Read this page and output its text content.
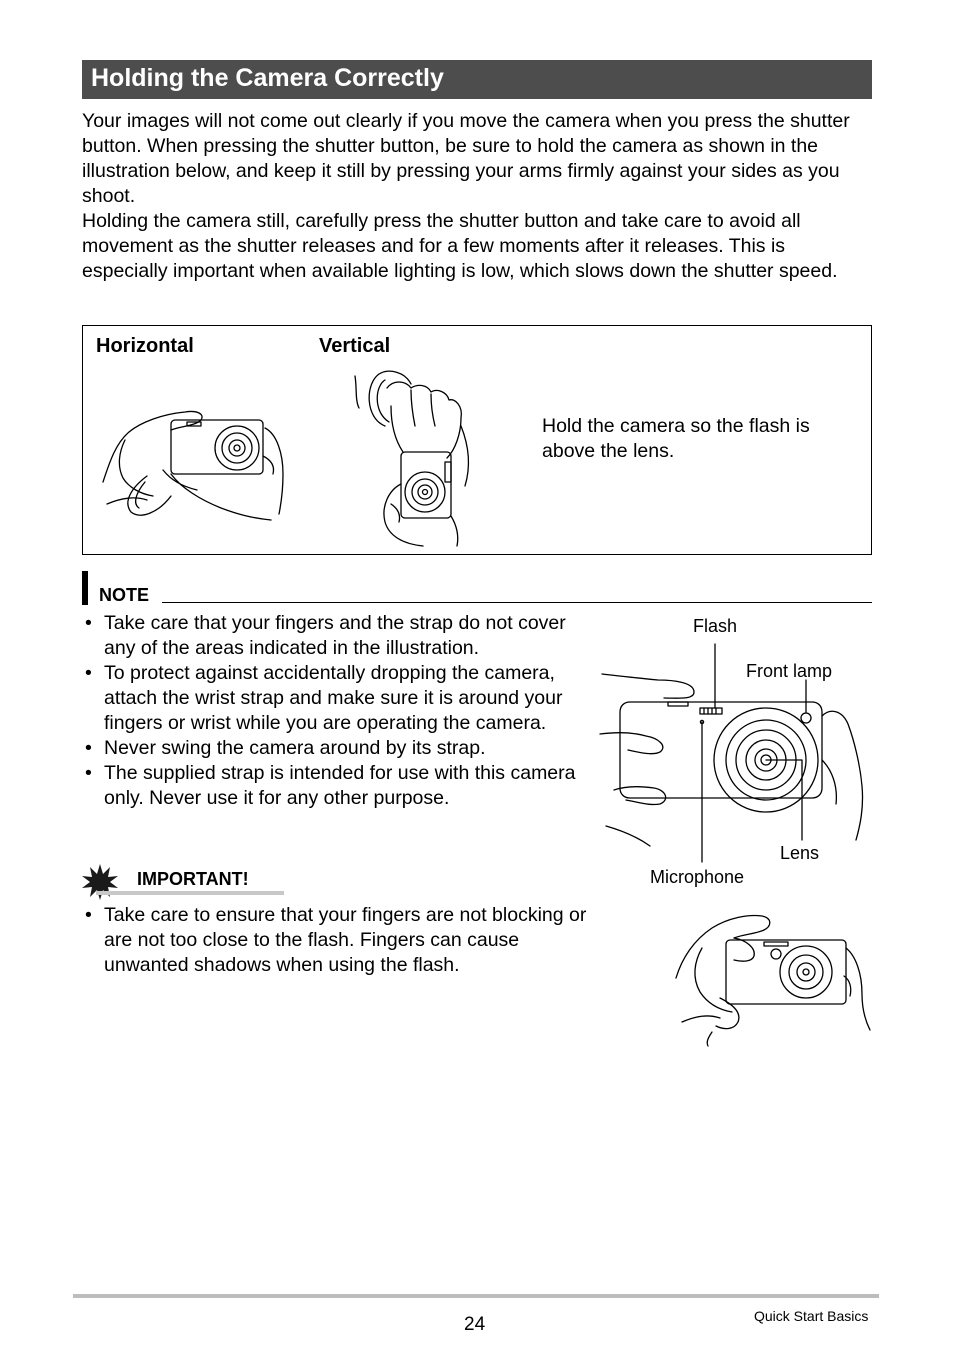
Holding the Camera Correctly

Your images will not come out clearly if you move the camera when you press the shutter button. When pressing the shutter button, be sure to hold the camera as shown in the illustration below, and keep it still by pressing your arms firmly against your sides as you shoot.

Holding the camera still, carefully press the shutter button and take care to avoid all movement as the shutter releases and for a few moments after it releases. This is especially important when available lighting is low, which slows down the shutter speed.

Horizontal	Vertical

Hold the camera so the flash is above the lens.

NOTE
• Take care that your fingers and the strap do not cover any of the areas indicated in the illustration.
• To protect against accidentally dropping the camera, attach the wrist strap and make sure it is around your fingers or wrist while you are operating the camera.
• Never swing the camera around by its strap.
• The supplied strap is intended for use with this camera only. Never use it for any other purpose.
IMPORTANT!
• Take care to ensure that your fingers are not blocking or are not too close to the flash. Fingers can cause unwanted shadows when using the flash.
Flash
Front lamp
Lens
Microphone
24	Quick Start Basics
